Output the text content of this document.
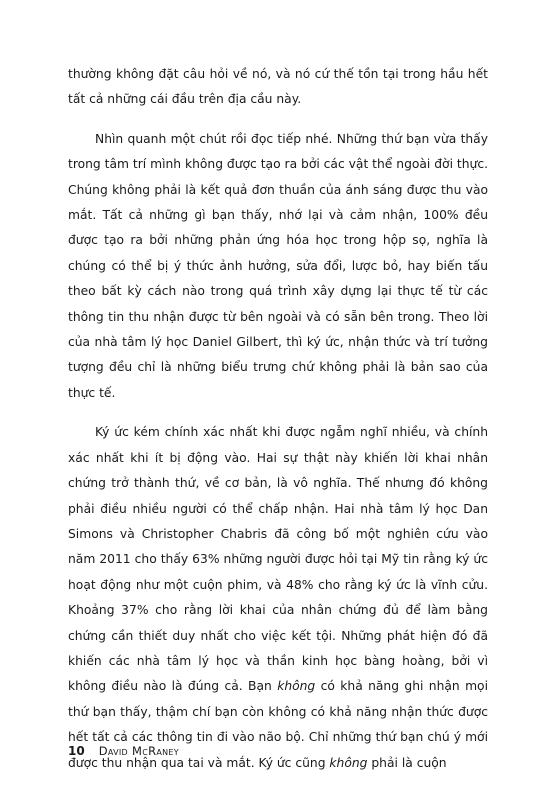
thường không đặt câu hỏi về nó, và nó cứ thế tồn tại trong hầu hết tất cả những cái đầu trên địa cầu này.

Nhìn quanh một chút rồi đọc tiếp nhé. Những thứ bạn vừa thấy trong tâm trí mình không được tạo ra bởi các vật thể ngoài đời thực. Chúng không phải là kết quả đơn thuần của ánh sáng được thu vào mắt. Tất cả những gì bạn thấy, nhớ lại và cảm nhận, 100% đều được tạo ra bởi những phản ứng hóa học trong hộp sọ, nghĩa là chúng có thể bị ý thức ảnh hưởng, sửa đổi, lược bỏ, hay biến tấu theo bất kỳ cách nào trong quá trình xây dựng lại thực tế từ các thông tin thu nhận được từ bên ngoài và có sẵn bên trong. Theo lời của nhà tâm lý học Daniel Gilbert, thì ký ức, nhận thức và trí tưởng tượng đều chỉ là những biểu trưng chứ không phải là bản sao của thực tế.

Ký ức kém chính xác nhất khi được ngẫm nghĩ nhiều, và chính xác nhất khi ít bị động vào. Hai sự thật này khiến lời khai nhân chứng trở thành thứ, về cơ bản, là vô nghĩa. Thế nhưng đó không phải điều nhiều người có thể chấp nhận. Hai nhà tâm lý học Dan Simons và Christopher Chabris đã công bố một nghiên cứu vào năm 2011 cho thấy 63% những người được hỏi tại Mỹ tin rằng ký ức hoạt động như một cuộn phim, và 48% cho rằng ký ức là vĩnh cửu. Khoảng 37% cho rằng lời khai của nhân chứng đủ để làm bằng chứng cần thiết duy nhất cho việc kết tội. Những phát hiện đó đã khiến các nhà tâm lý học và thần kinh học bàng hoàng, bởi vì không điều nào là đúng cả. Bạn không có khả năng ghi nhận mọi thứ bạn thấy, thậm chí bạn còn không có khả năng nhận thức được hết tất cả các thông tin đi vào não bộ. Chỉ những thứ bạn chú ý mới được thu nhận qua tai và mắt. Ký ức cũng không phải là cuộn

10 David McRaney
